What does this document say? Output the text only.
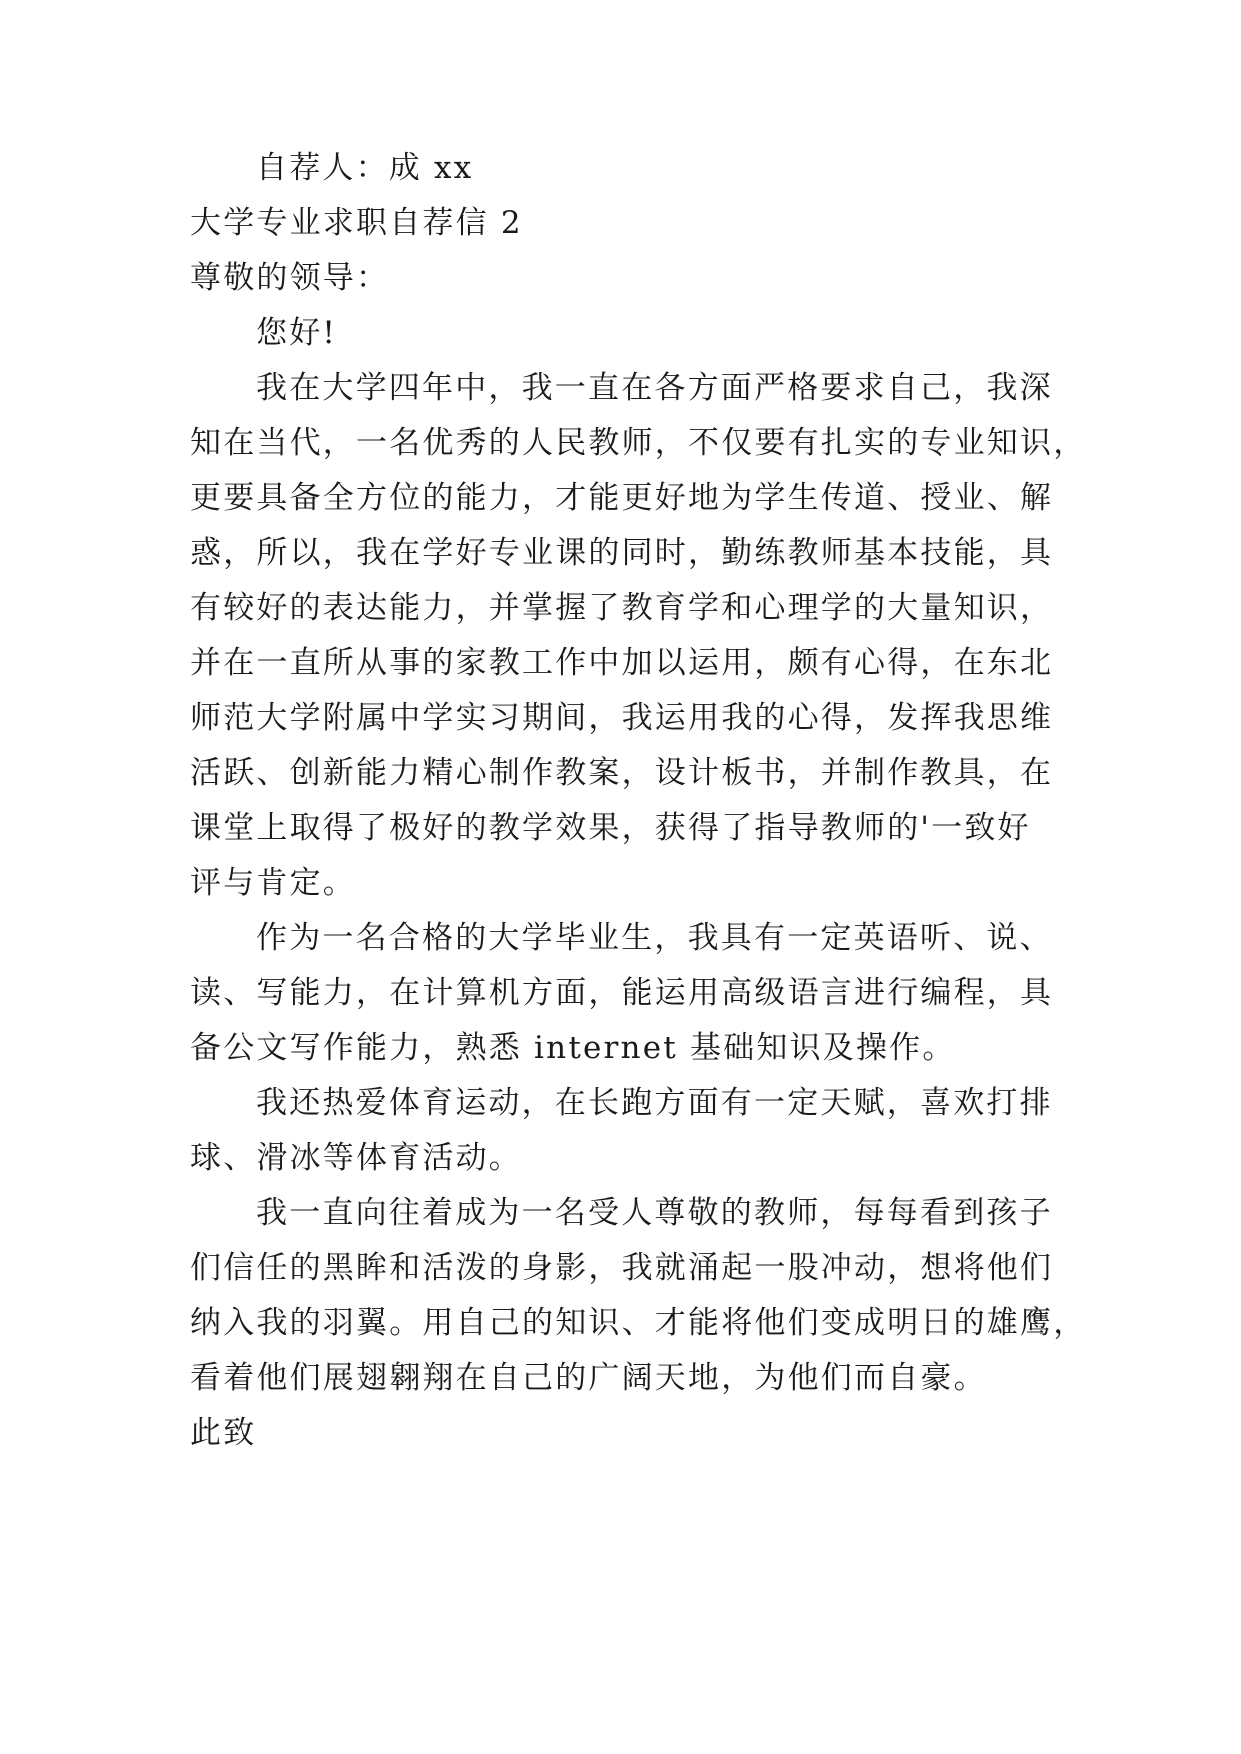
自荐人：成 xx
大学专业求职自荐信 2
尊敬的领导：
您好!
我在大学四年中，我一直在各方面严格要求自己，我深
知在当代，一名优秀的人民教师，不仅要有扎实的专业知识，
更要具备全方位的能力，才能更好地为学生传道、授业、解
惑，所以，我在学好专业课的同时，勤练教师基本技能，具
有较好的表达能力，并掌握了教育学和心理学的大量知识，
并在一直所从事的家教工作中加以运用，颇有心得，在东北
师范大学附属中学实习期间，我运用我的心得，发挥我思维
活跃、创新能力精心制作教案，设计板书，并制作教具，在
课堂上取得了极好的教学效果，获得了指导教师的'一致好
评与肯定。
作为一名合格的大学毕业生，我具有一定英语听、说、
读、写能力，在计算机方面，能运用高级语言进行编程，具
备公文写作能力，熟悉 internet 基础知识及操作。
我还热爱体育运动，在长跑方面有一定天赋，喜欢打排
球、滑冰等体育活动。
我一直向往着成为一名受人尊敬的教师，每每看到孩子
们信任的黑眸和活泼的身影，我就涌起一股冲动，想将他们
纳入我的羽翼。用自己的知识、才能将他们变成明日的雄鹰，
看着他们展翅翱翔在自己的广阔天地，为他们而自豪。
此致
